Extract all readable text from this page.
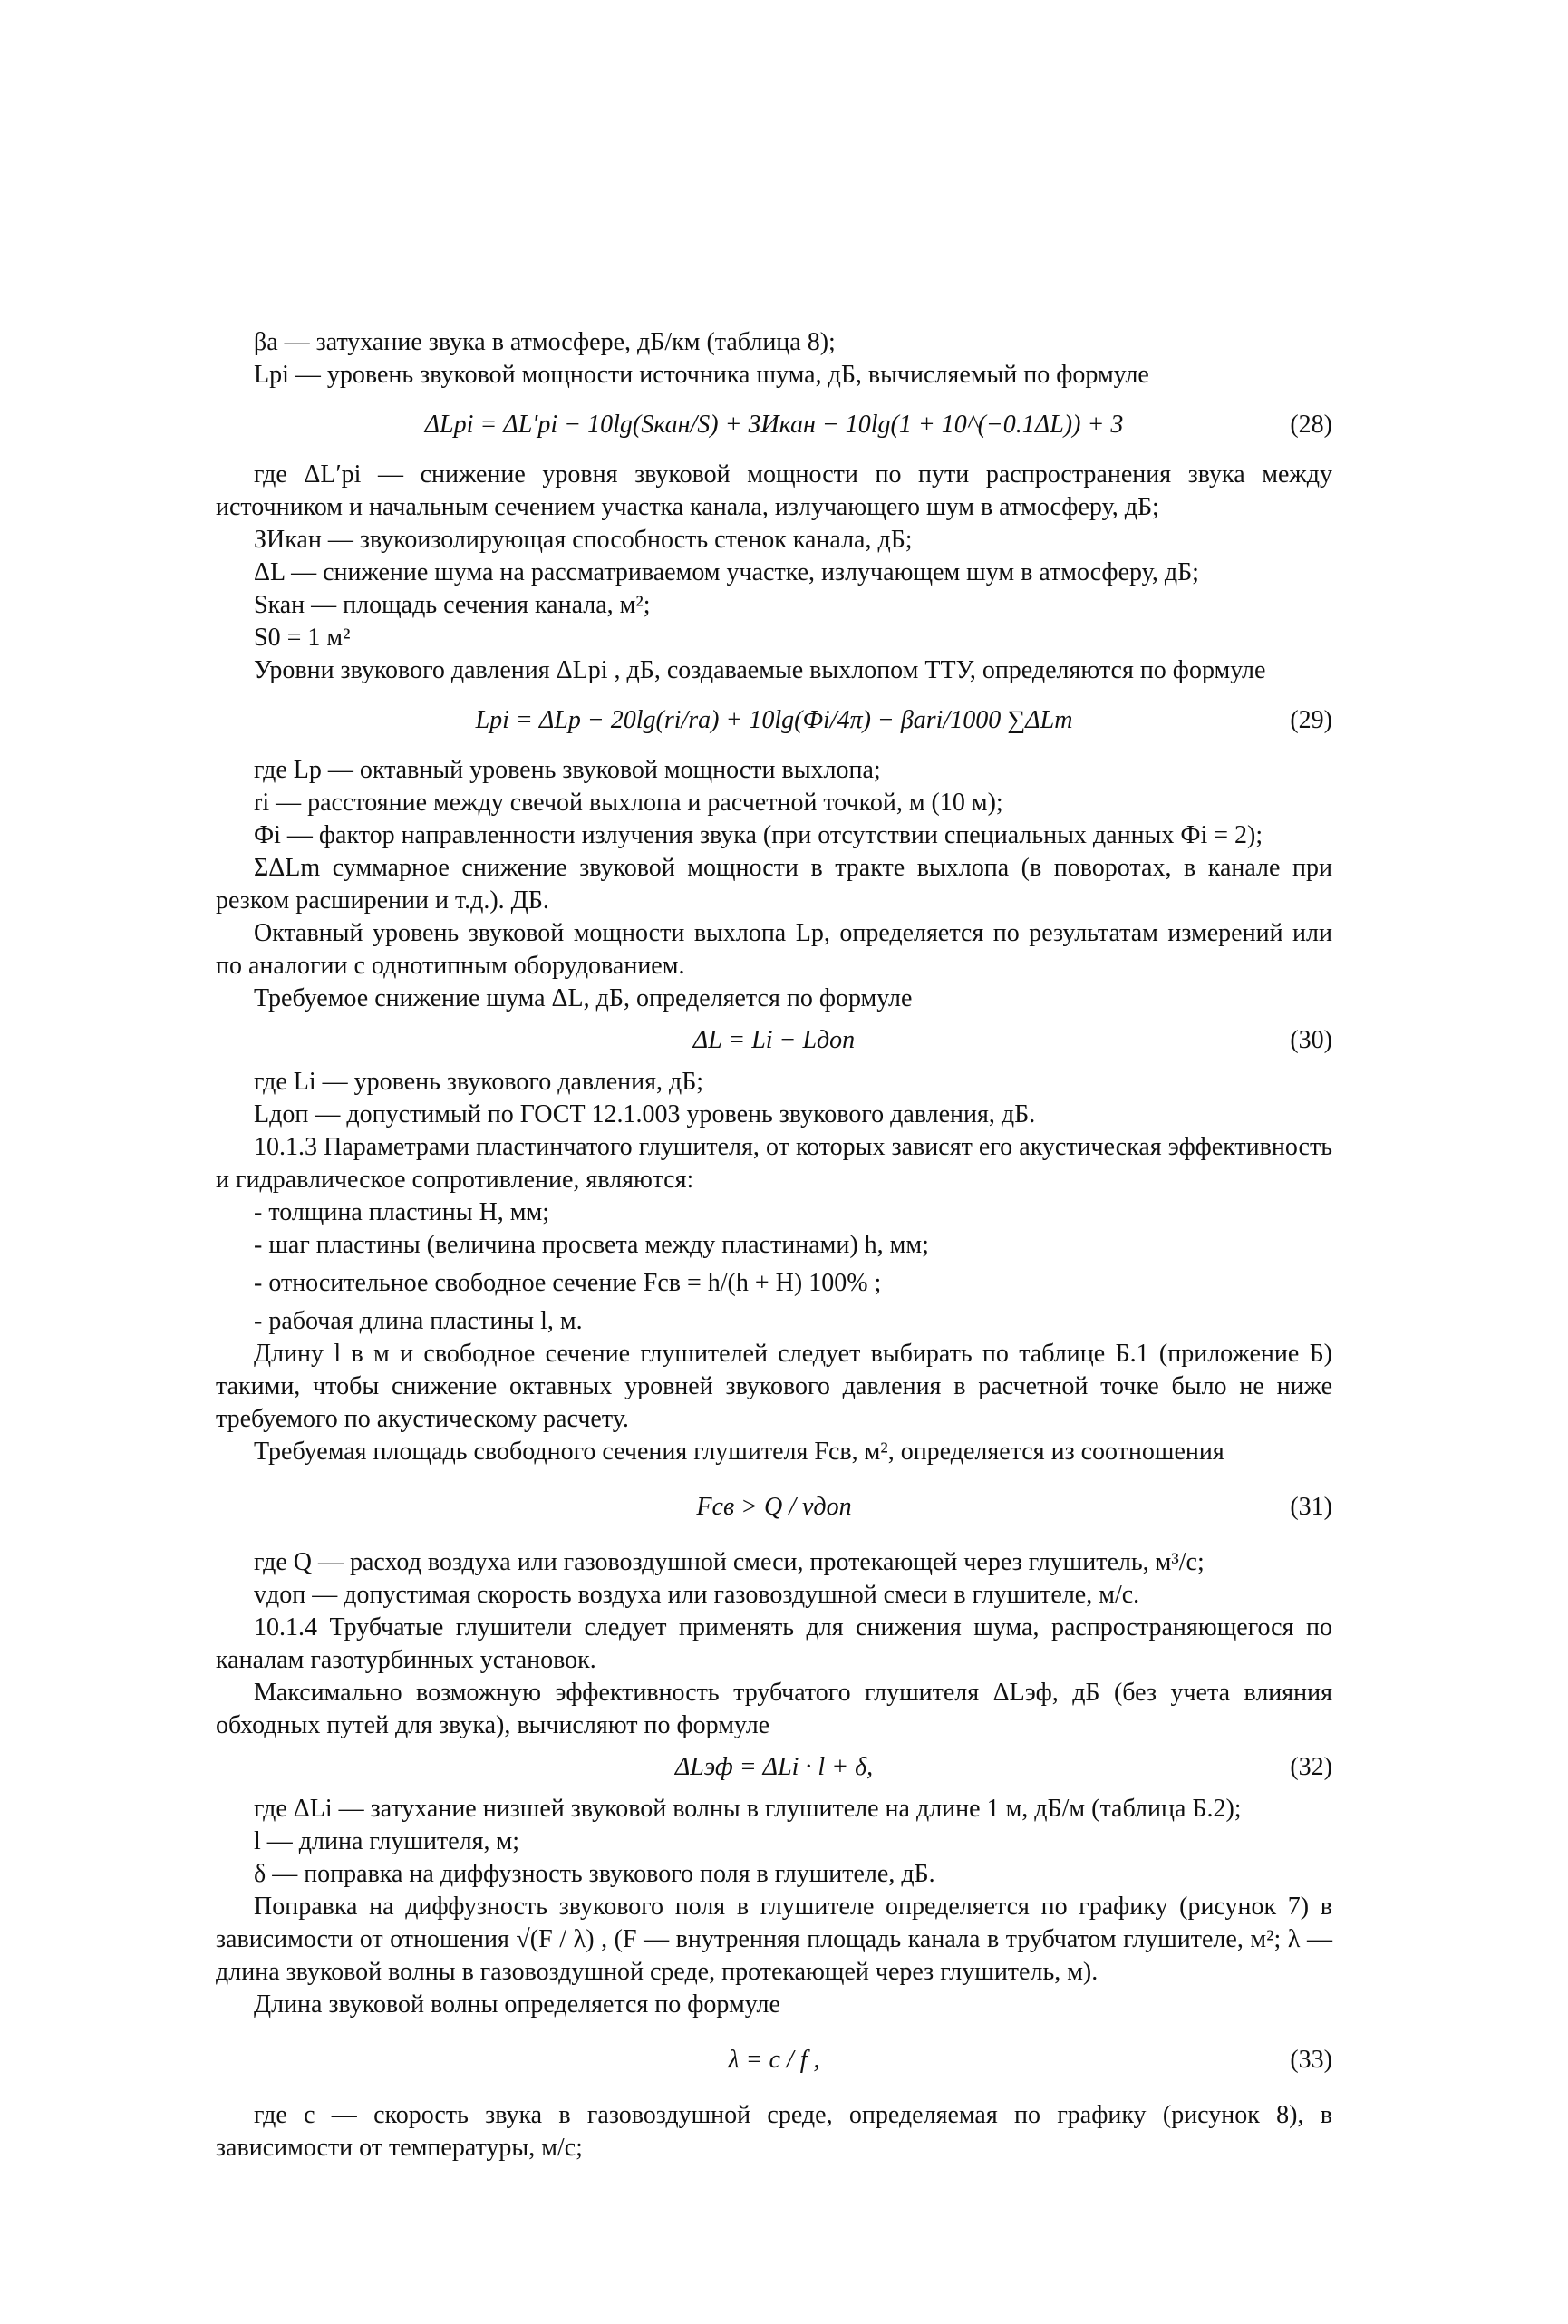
βа — затухание звука в атмосфере, дБ/км (таблица 8);

Lрi — уровень звуковой мощности источника шума, дБ, вычисляемый по формуле

ΔLрi = ΔL′рi − 10lg(Sкан/S) + ЗИкан − 10lg(1 + 10^(−0.1ΔL)) + 3	(28)

где ΔL′рi — снижение уровня звуковой мощности по пути распространения звука между источником и начальным сечением участка канала, излучающего шум в атмосферу, дБ;

ЗИкан — звукоизолирующая способность стенок канала, дБ;

ΔL — снижение шума на рассматриваемом участке, излучающем шум в атмосферу, дБ;

Sкан — площадь сечения канала, м²;

S0 = 1 м²

Уровни звукового давления ΔLрi , дБ, создаваемые выхлопом ТТУ, определяются по формуле

Lрi = ΔLр − 20lg(ri/ra) + 10lg(Фi/4π) − βаri/1000 ∑ΔLm	(29)

где Lр — октавный уровень звуковой мощности выхлопа;

ri — расстояние между свечой выхлопа и расчетной точкой, м (10 м);

Фi — фактор направленности излучения звука (при отсутствии специальных данных Фi = 2);

ΣΔLm суммарное снижение звуковой мощности в тракте выхлопа (в поворотах, в канале при резком расширении и т.д.). ДБ.

Октавный уровень звуковой мощности выхлопа Lр, определяется по результатам измерений или по аналогии с однотипным оборудованием.

Требуемое снижение шума ΔL, дБ, определяется по формуле

ΔL = Li − Lдоп	(30)

где Li — уровень звукового давления, дБ;

Lдоп — допустимый по ГОСТ 12.1.003 уровень звукового давления, дБ.

10.1.3 Параметрами пластинчатого глушителя, от которых зависят его акустическая эффективность и гидравлическое сопротивление, являются:

- толщина пластины Н, мм;

- шаг пластины (величина просвета между пластинами) h, мм;

- относительное свободное сечение Fсв = h/(h + H) 100% ;

- рабочая длина пластины l, м.

Длину l в м и свободное сечение глушителей следует выбирать по таблице Б.1 (приложение Б) такими, чтобы снижение октавных уровней звукового давления в расчетной точке было не ниже требуемого по акустическому расчету.

Требуемая площадь свободного сечения глушителя Fсв, м², определяется из соотношения

Fсв > Q / vдоп	(31)

где Q — расход воздуха или газовоздушной смеси, протекающей через глушитель, м³/с;

vдоп — допустимая скорость воздуха или газовоздушной смеси в глушителе, м/с.

10.1.4 Трубчатые глушители следует применять для снижения шума, распространяющегося по каналам газотурбинных установок.

Максимально возможную эффективность трубчатого глушителя ΔLэф, дБ (без учета влияния обходных путей для звука), вычисляют по формуле

ΔLэф = ΔLi · l + δ,	(32)

где ΔLi — затухание низшей звуковой волны в глушителе на длине 1 м, дБ/м (таблица Б.2);

l — длина глушителя, м;

δ — поправка на диффузность звукового поля в глушителе, дБ.

Поправка на диффузность звукового поля в глушителе определяется по графику (рисунок 7) в зависимости от отношения √(F / λ) , (F — внутренняя площадь канала в трубчатом глушителе, м²; λ — длина звуковой волны в газовоздушной среде, протекающей через глушитель, м).

Длина звуковой волны определяется по формуле

λ = c / f ,	(33)

где с — скорость звука в газовоздушной среде, определяемая по графику (рисунок 8), в зависимости от температуры, м/с;
